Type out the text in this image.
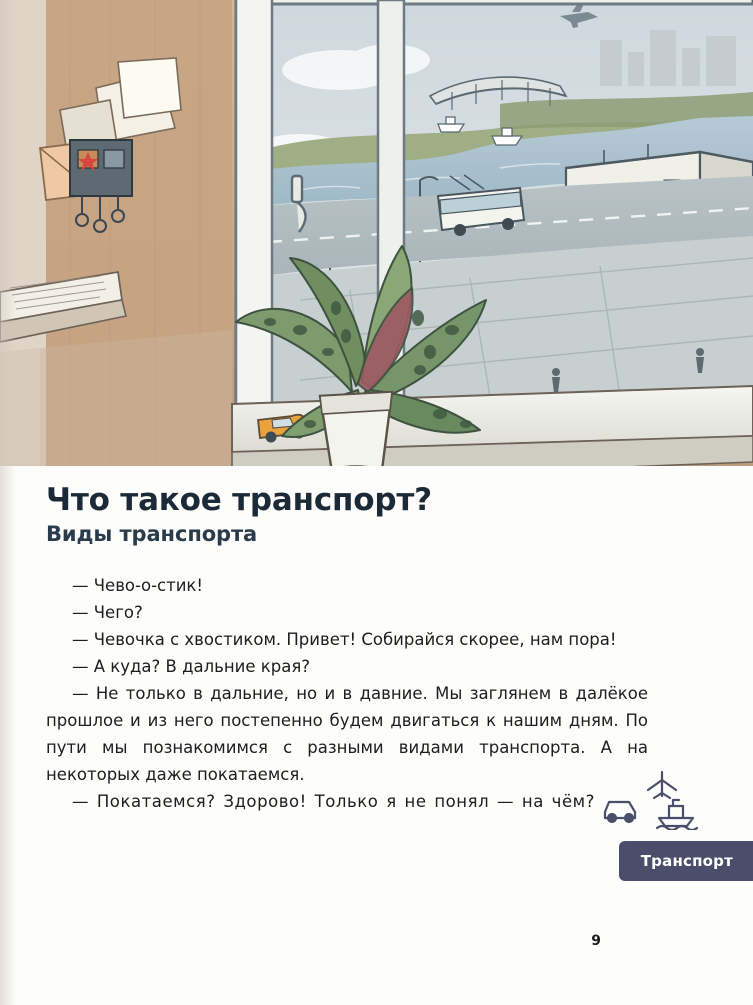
Что такое транспорт?
Виды транспорта

— Чево-о-стик!

— Чего?

— Чевочка с хвостиком. Привет! Собирайся скорее, нам пора!

— А куда? В дальние края?

— Не только в дальние, но и в давние. Мы заглянем в далёкое прошлое и из него постепенно будем двигаться к нашим дням. По пути мы познакомимся с разными видами транспорта. А на некоторых даже покатаемся.

— Покатаемся? Здорово! Только я не понял — на чём?

Транспорт
9
